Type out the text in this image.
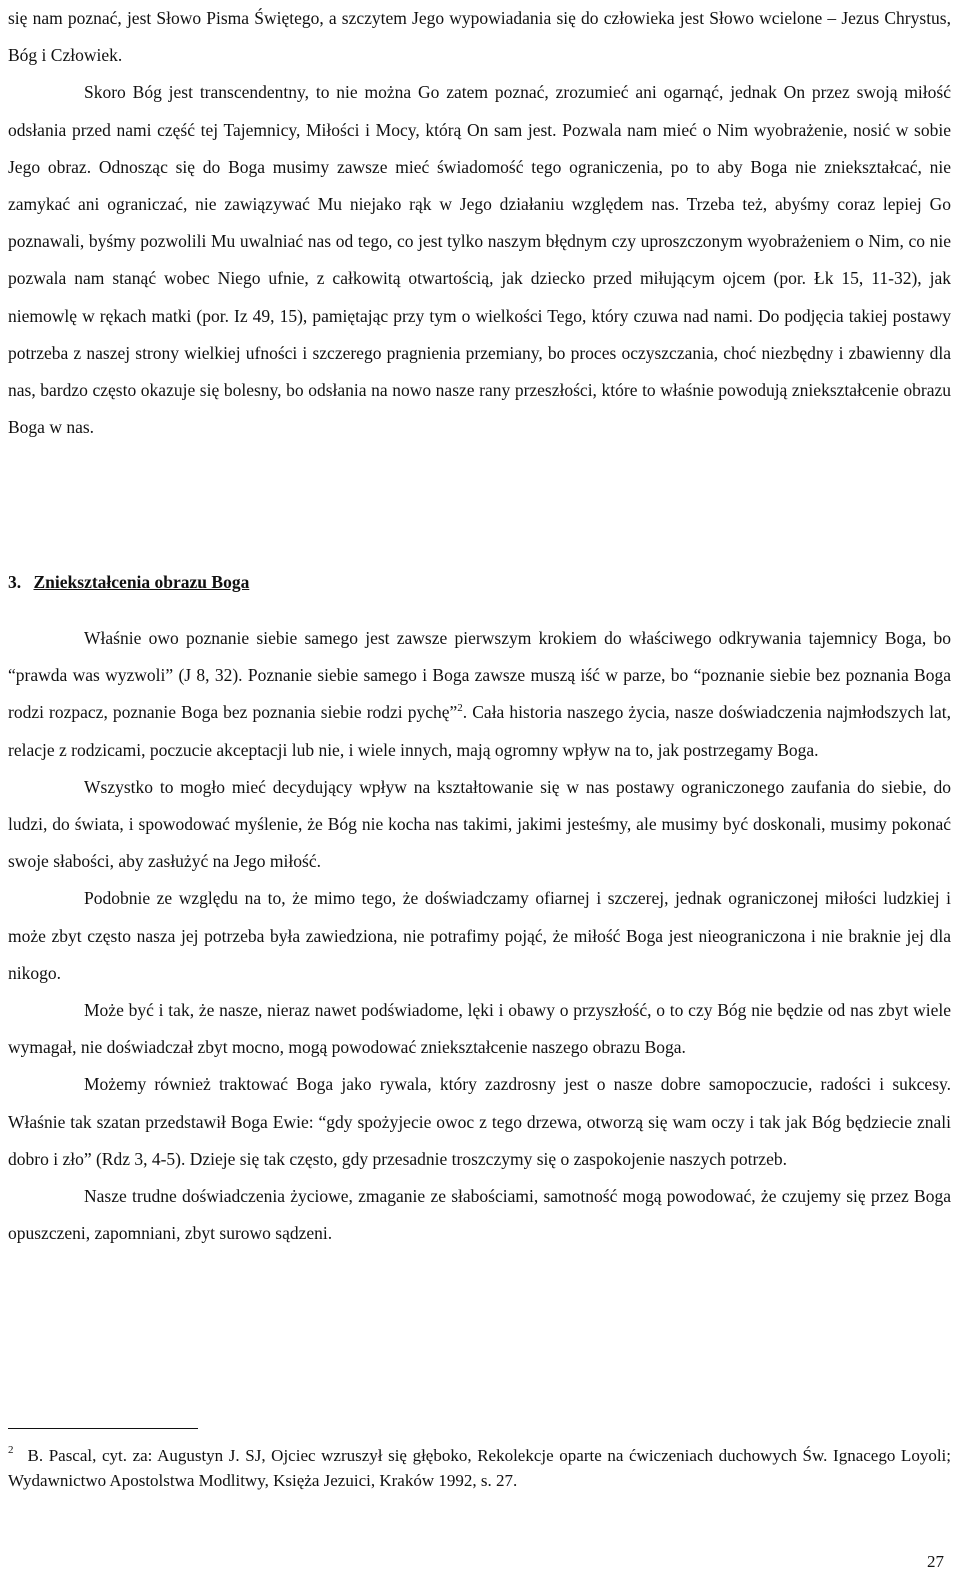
się nam poznać, jest Słowo Pisma Świętego, a szczytem Jego wypowiadania się do człowieka jest Słowo wcielone – Jezus Chrystus, Bóg i Człowiek.

Skoro Bóg jest transcendentny, to nie można Go zatem poznać, zrozumieć ani ogarnąć, jednak On przez swoją miłość odsłania przed nami część tej Tajemnicy, Miłości i Mocy, którą On sam jest. Pozwala nam mieć o Nim wyobrażenie, nosić w sobie Jego obraz. Odnosząc się do Boga musimy zawsze mieć świadomość tego ograniczenia, po to aby Boga nie zniekształcać, nie zamykać ani ograniczać, nie zawiązywać Mu niejako rąk w Jego działaniu względem nas. Trzeba też, abyśmy coraz lepiej Go poznawali, byśmy pozwolili Mu uwalniać nas od tego, co jest tylko naszym błędnym czy uproszczonym wyobrażeniem o Nim, co nie pozwala nam stanąć wobec Niego ufnie, z całkowitą otwartością, jak dziecko przed miłującym ojcem (por. Łk 15, 11-32), jak niemowlę w rękach matki (por. Iz 49, 15), pamiętając przy tym o wielkości Tego, który czuwa nad nami. Do podjęcia takiej postawy potrzeba z naszej strony wielkiej ufności i szczerego pragnienia przemiany, bo proces oczyszczania, choć niezbędny i zbawienny dla nas, bardzo często okazuje się bolesny, bo odsłania na nowo nasze rany przeszłości, które to właśnie powodują zniekształcenie obrazu Boga w nas.

3. Zniekształcenia obrazu Boga

Właśnie owo poznanie siebie samego jest zawsze pierwszym krokiem do właściwego odkrywania tajemnicy Boga, bo “prawda was wyzwoli” (J 8, 32). Poznanie siebie samego i Boga zawsze muszą iść w parze, bo “poznanie siebie bez poznania Boga rodzi rozpacz, poznanie Boga bez poznania siebie rodzi pychę”$^2$. Cała historia naszego życia, nasze doświadczenia najmłodszych lat, relacje z rodzicami, poczucie akceptacji lub nie, i wiele innych, mają ogromny wpływ na to, jak postrzegamy Boga.

Wszystko to mogło mieć decydujący wpływ na kształtowanie się w nas postawy ograniczonego zaufania do siebie, do ludzi, do świata, i spowodować myślenie, że Bóg nie kocha nas takimi, jakimi jesteśmy, ale musimy być doskonali, musimy pokonać swoje słabości, aby zasłużyć na Jego miłość.

Podobnie ze względu na to, że mimo tego, że doświadczamy ofiarnej i szczerej, jednak ograniczonej miłości ludzkiej i może zbyt często nasza jej potrzeba była zawiedziona, nie potrafimy pojąć, że miłość Boga jest nieograniczona i nie braknie jej dla nikogo.

Może być i tak, że nasze, nieraz nawet podświadome, lęki i obawy o przyszłość, o to czy Bóg nie będzie od nas zbyt wiele wymagał, nie doświadczał zbyt mocno, mogą powodować zniekształcenie naszego obrazu Boga.

Możemy również traktować Boga jako rywala, który zazdrosny jest o nasze dobre samopoczucie, radości i sukcesy. Właśnie tak szatan przedstawił Boga Ewie: “gdy spożyjecie owoc z tego drzewa, otworzą się wam oczy i tak jak Bóg będziecie znali dobro i zło” (Rdz 3, 4-5). Dzieje się tak często, gdy przesadnie troszczymy się o zaspokojenie naszych potrzeb.

Nasze trudne doświadczenia życiowe, zmaganie ze słabościami, samotność mogą powodować, że czujemy się przez Boga opuszczeni, zapomniani, zbyt surowo sądzeni.

$^2$ B. Pascal, cyt. za: Augustyn J. SJ, Ojciec wzruszył się głęboko, Rekolekcje oparte na ćwiczeniach duchowych Św. Ignacego Loyoli; Wydawnictwo Apostolstwa Modlitwy, Księża Jezuici, Kraków 1992, s. 27.

27
